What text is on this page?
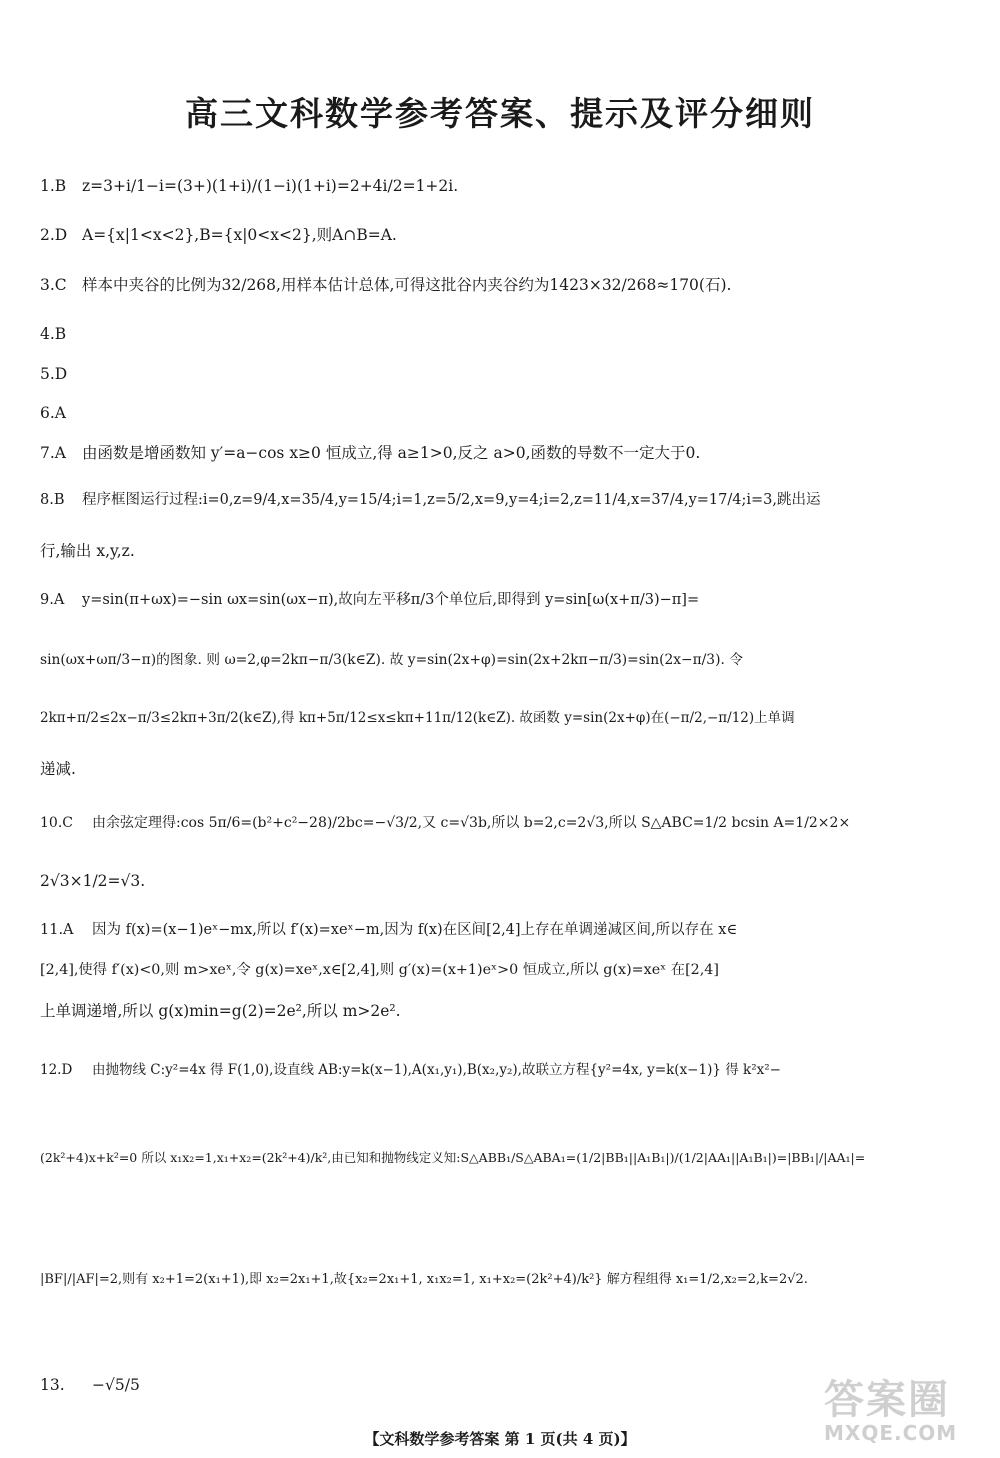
高三文科数学参考答案、提示及评分细则
1.B z=3+i/1−i=(3+)(1+i)/(1−i)(1+i)=2+4i/2=1+2i.
2.D A={x|1<x<2},B={x|0<x<2},则A∩B=A.
3.C 样本中夹谷的比例为32/268,用样本估计总体,可得这批谷内夹谷约为1423×32/268≈170(石).
4.B
5.D
6.A
7.A 由函数是增函数知 y′=a−cos x≥0 恒成立,得 a≥1>0,反之 a>0,函数的导数不一定大于0.
8.B 程序框图运行过程:i=0,z=9/4,x=35/4,y=15/4;i=1,z=5/2,x=9,y=4;i=2,z=11/4,x=37/4,y=17/4;i=3,跳出运
行,输出 x,y,z.
9.A y=sin(π+ωx)=−sin ωx=sin(ωx−π),故向左平移π/3个单位后,即得到 y=sin[ω(x+π/3)−π]=
sin(ωx+ωπ/3−π)的图象. 则 ω=2,φ=2kπ−π/3(k∈Z). 故 y=sin(2x+φ)=sin(2x+2kπ−π/3)=sin(2x−π/3). 令
2kπ+π/2≤2x−π/3≤2kπ+3π/2(k∈Z),得 kπ+5π/12≤x≤kπ+11π/12(k∈Z). 故函数 y=sin(2x+φ)在(−π/2,−π/12)上单调
递减.
10.C 由余弦定理得:cos 5π/6=(b²+c²−28)/2bc=−√3/2,又 c=√3b,所以 b=2,c=2√3,所以 S△ABC=1/2 bcsin A=1/2×2×
2√3×1/2=√3.
11.A 因为 f(x)=(x−1)eˣ−mx,所以 f′(x)=xeˣ−m,因为 f(x)在区间[2,4]上存在单调递减区间,所以存在 x∈
[2,4],使得 f′(x)<0,则 m>xeˣ,令 g(x)=xeˣ,x∈[2,4],则 g′(x)=(x+1)eˣ>0 恒成立,所以 g(x)=xeˣ 在[2,4]
上单调递增,所以 g(x)min=g(2)=2e²,所以 m>2e².
12.D 由抛物线 C:y²=4x 得 F(1,0),设直线 AB:y=k(x−1),A(x₁,y₁),B(x₂,y₂),故联立方程{y²=4x, y=k(x−1)} 得 k²x²−
(2k²+4)x+k²=0 所以 x₁x₂=1,x₁+x₂=(2k²+4)/k²,由已知和抛物线定义知:S△ABB₁/S△ABA₁=(1/2|BB₁||A₁B₁|)/(1/2|AA₁||A₁B₁|)=|BB₁|/|AA₁|=
|BF|/|AF|=2,则有 x₂+1=2(x₁+1),即 x₂=2x₁+1,故{x₂=2x₁+1, x₁x₂=1, x₁+x₂=(2k²+4)/k²} 解方程组得 x₁=1/2,x₂=2,k=2√2.
13. −√5/5
【文科数学参考答案 第 1 页(共 4 页)】
答案圈
MXQE.COM
